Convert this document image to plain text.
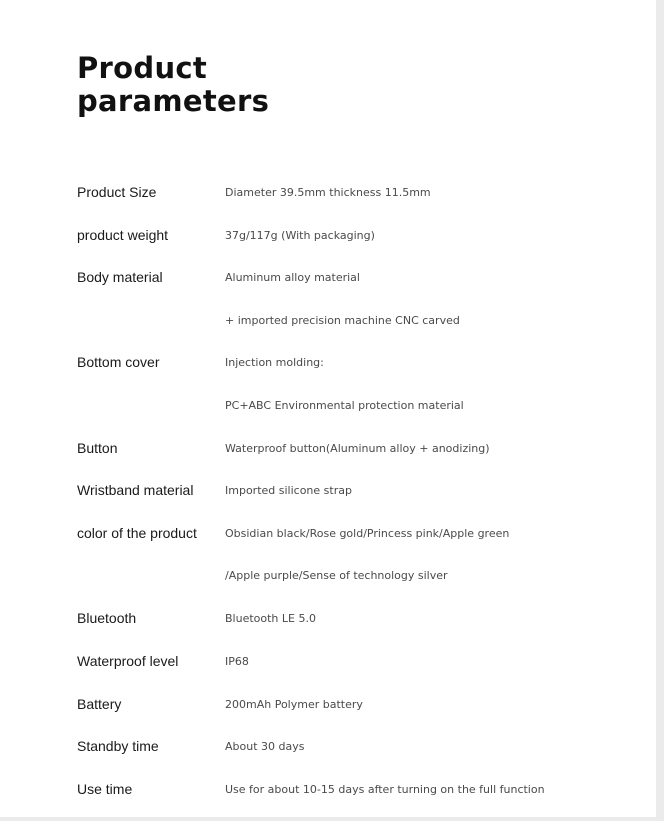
Product
parameters
Product Size	Diameter 39.5mm thickness 11.5mm
product weight	37g/117g (With packaging)
Body material	Aluminum alloy material
+ imported precision machine CNC carved
Bottom cover	Injection molding:
PC+ABC Environmental protection material
Button	Waterproof button(Aluminum alloy + anodizing)
Wristband material	Imported silicone strap
color of the product	Obsidian black/Rose gold/Princess pink/Apple green
/Apple purple/Sense of technology silver
Bluetooth	Bluetooth LE 5.0
Waterproof level	IP68
Battery	200mAh Polymer battery
Standby time	About 30 days
Use time	Use for about 10-15 days after turning on the full function
